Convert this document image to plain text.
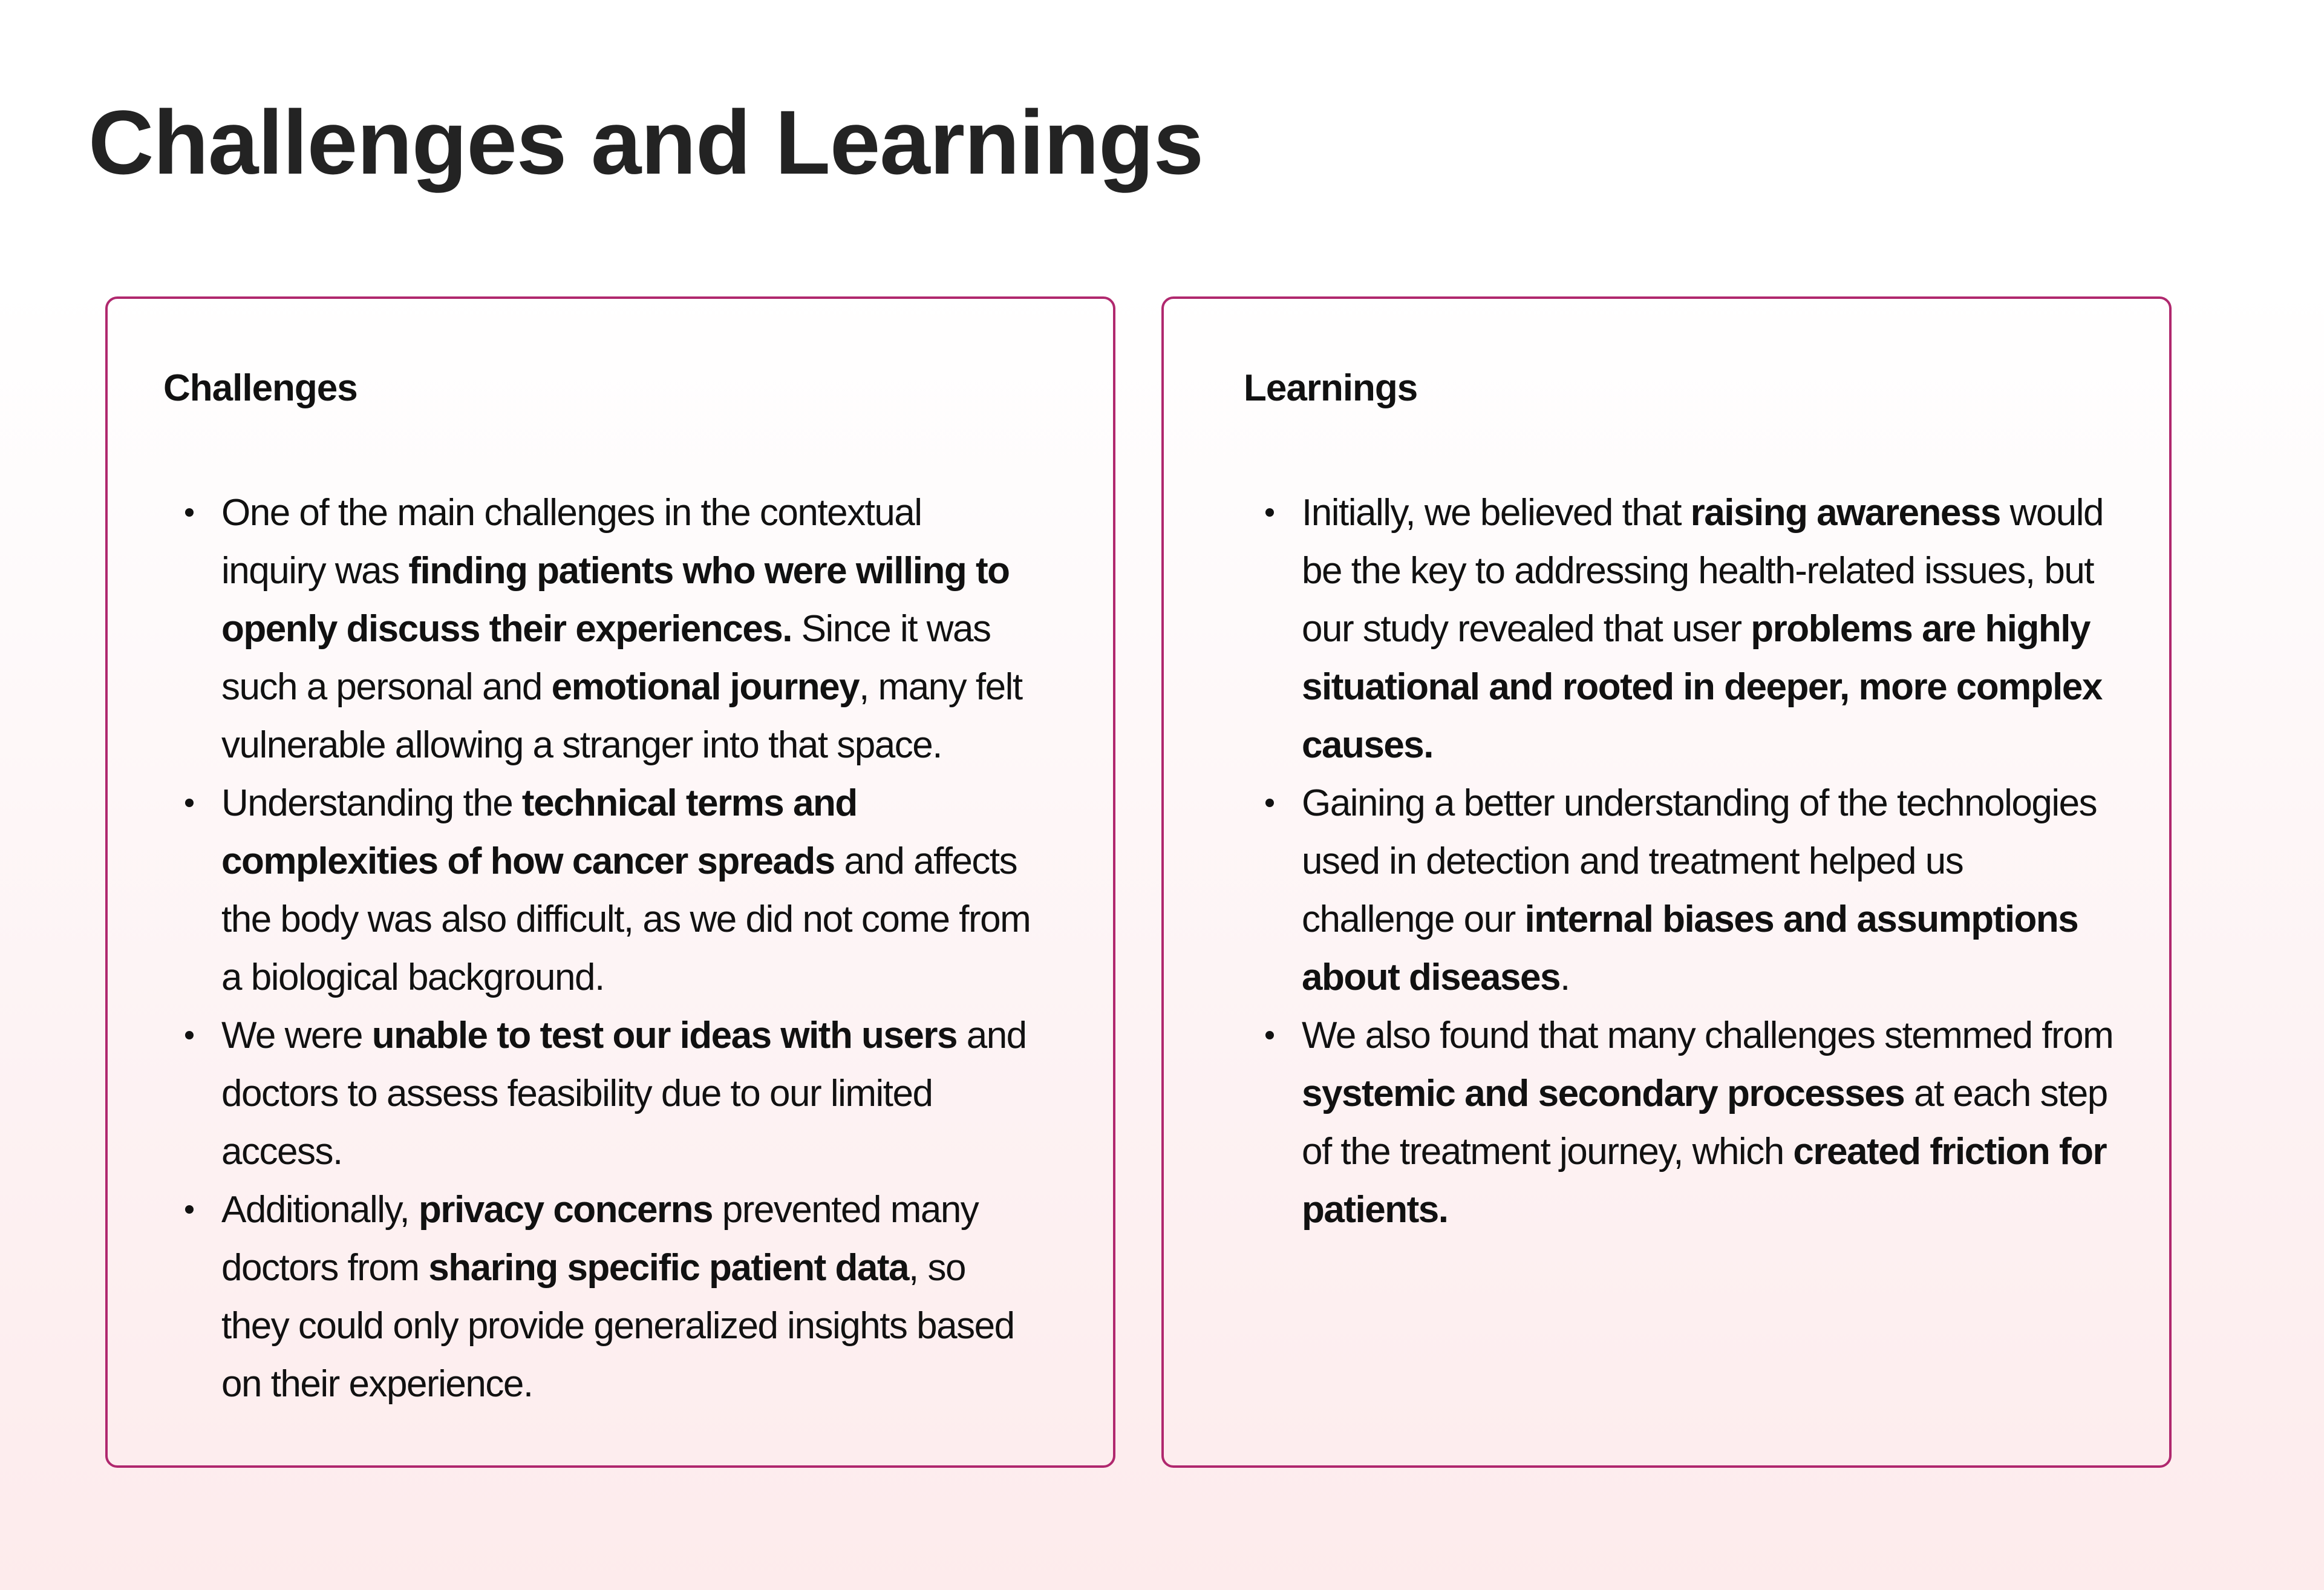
Challenges and Learnings
Challenges
One of the main challenges in the contextual inquiry was finding patients who were willing to openly discuss their experiences. Since it was such a personal and emotional journey, many felt vulnerable allowing a stranger into that space.
Understanding the technical terms and complexities of how cancer spreads and affects the body was also difficult, as we did not come from a biological background.
We were unable to test our ideas with users and doctors to assess feasibility due to our limited access.
Additionally, privacy concerns prevented many doctors from sharing specific patient data, so they could only provide generalized insights based on their experience.
Learnings
Initially, we believed that raising awareness would be the key to addressing health-related issues, but our study revealed that user problems are highly situational and rooted in deeper, more complex causes.
Gaining a better understanding of the technologies used in detection and treatment helped us challenge our internal biases and assumptions about diseases.
We also found that many challenges stemmed from systemic and secondary processes at each step of the treatment journey, which created friction for patients.
